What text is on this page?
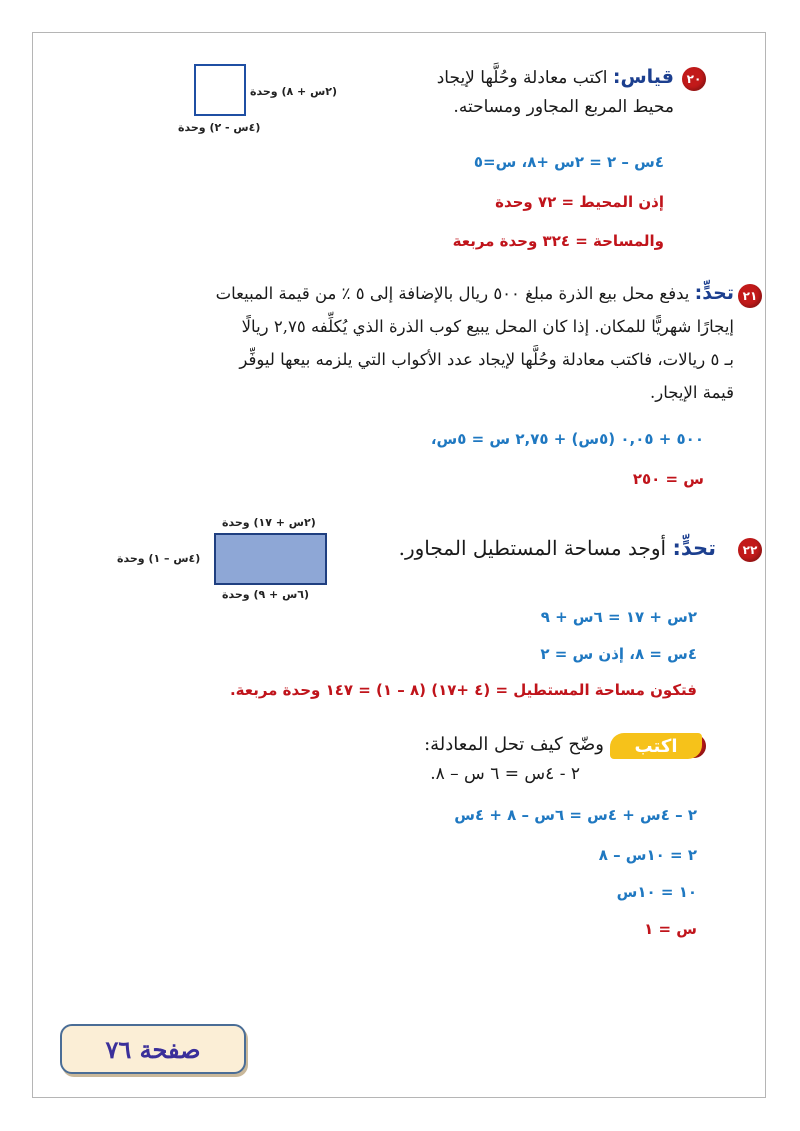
٢٠
قياس: اكتب معادلة وحُلَّها لإيجاد
محيط المربع المجاور ومساحته.
(٢س + ٨) وحدة
(٤س - ٢) وحدة
٤س – ٢ = ٢س +٨، س=٥
إذن المحيط = ٧٢ وحدة
والمساحة = ٣٢٤ وحدة مربعة
٢١
تحدٍّ: يدفع محل بيع الذرة مبلغ ٥٠٠ ريال بالإضافة إلى ٥ ٪ من قيمة المبيعات
إيجارًا شهريًّا للمكان. إذا كان المحل يبيع كوب الذرة الذي يُكلِّفه ٢,٧٥ ريالًا
بـ ٥ ريالات، فاكتب معادلة وحُلَّها لإيجاد عدد الأكواب التي يلزمه بيعها ليوفِّر
قيمة الإيجار.
٥٠٠ + ٠,٠٥ (٥س) + ٢,٧٥ س = ٥س،
س = ٢٥٠
٢٢
تحدٍّ: أوجد مساحة المستطيل المجاور.
(٢س + ١٧) وحدة
(٤س – ١) وحدة
(٦س + ٩) وحدة
٢س + ١٧ = ٦س + ٩
٤س = ٨، إذن س = ٢
فتكون مساحة المستطيل = (٤ +١٧) (٨ – ١) = ١٤٧ وحدة مربعة.
اكتب
وضّح كيف تحل المعادلة:
٢ - ٤س = ٦ س – ٨.
٢ – ٤س + ٤س = ٦س – ٨ + ٤س
٢ = ١٠س – ٨
١٠ = ١٠س
س = ١
صفحة ٧٦
